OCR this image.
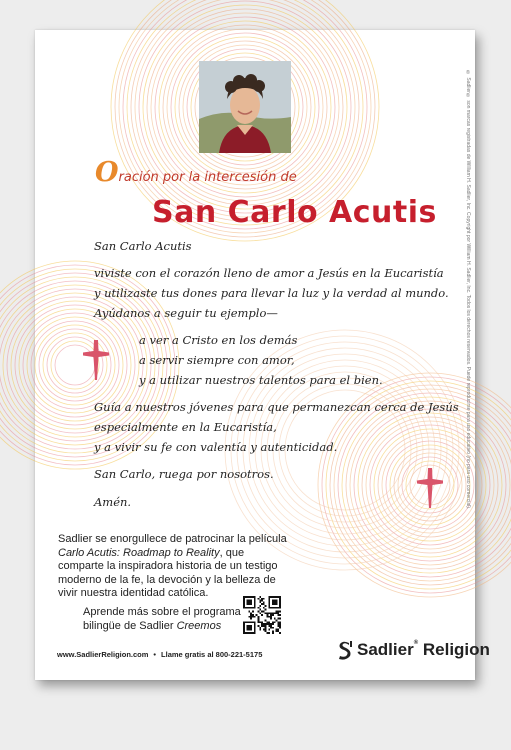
Oración por la intercesión de
San Carlo Acutis
San Carlo Acutis
viviste con el corazón lleno de amor a Jesús en la Eucaristía
y utilizaste tus dones para llevar la luz y la verdad al mundo.
Ayúdanos a seguir tu ejemplo—
a ver a Cristo en los demás
a servir siempre con amor,
y a utilizar nuestros talentos para el bien.
Guía a nuestros jóvenes para que permanezcan cerca de Jesús
especialmente en la Eucaristía,
y a vivir su fe con valentía y autenticidad.
San Carlo, ruega por nosotros.
Amén.	® Sadlier® son marcas registradas de William H. Sadlier, Inc. Copyright por William H. Sadlier, Inc. Todos los derechos reservados. Puede reproducirse para uso educativo (no para uso comercial).
Sadlier se enorgullece de patrocinar la película Carlo Acutis: Roadmap to Reality, que comparte la inspiradora historia de un testigo moderno de la fe, la devoción y la belleza de vivir nuestra identidad católica.
Aprende más sobre el programa
bilingüe de Sadlier Creemos
www.SadlierReligion.com • Llame gratis al 800-221-5175	Sadlier® Religion
